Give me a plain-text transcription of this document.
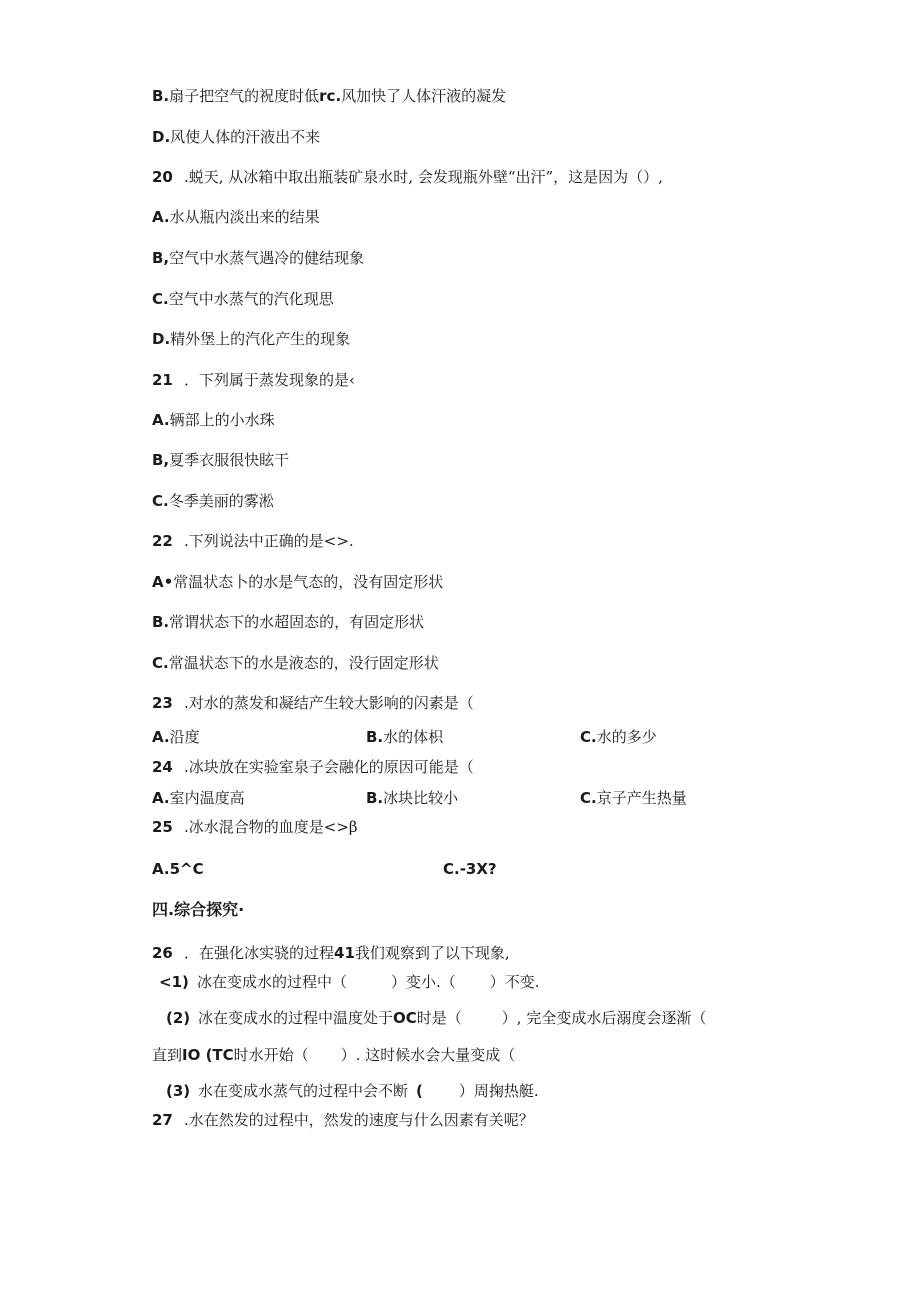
B.扇子把空气的祝度时低rc.风加快了人体汗液的凝发
D.风使人体的汗液出不来
20 .蜕天, 从冰箱中取出瓶装矿泉水时, 会发现瓶外壁“出汗”，这是因为（）,
A.水从瓶内淡出来的结果
B,空气中水蒸气遇冷的健结现象
C.空气中水蒸气的汽化现思
D.精外堡上的汽化产生的现象
21 ．下列属于蒸发现象的是‹
A.辆部上的小水珠
B,夏季衣服很快眩干
C.冬季美丽的雾淞
22 .下列说法中正确的是<>.
A•常温状态卜的水是气态的，没有固定形状
B.常谓状态下的水超固态的，有固定形状
C.常温状态下的水是液态的，没行固定形状
23 .对水的蒸发和凝结产生较大影响的闪素是（
A.沿度	B.水的体枳	C.水的多少
24 .冰块放在实验室泉子会融化的原因可能是（
A.室内温度高	B.冰块比较小	C.京子产生热量
25 .冰水混合物的血度是<>β
A.5^C	C.-3X?
四.综合探究·
26 ．在强化冰实骁的过程41我们观察到了以下现象,
<1) 冰在变成水的过程中（	）变小.（ ）不变.
(2) 冰在变成水的过程中温度处于OC时是（	）, 完全变成水后溺度会逐渐（
直到IO (TC时水开始（ ）. 这时候水会大量变成（
(3) 水在变成水蒸气的过程中会不断 ( ）周掬热艇.
27 .水在然发的过程中，然发的速度与什么因素有关呢？
